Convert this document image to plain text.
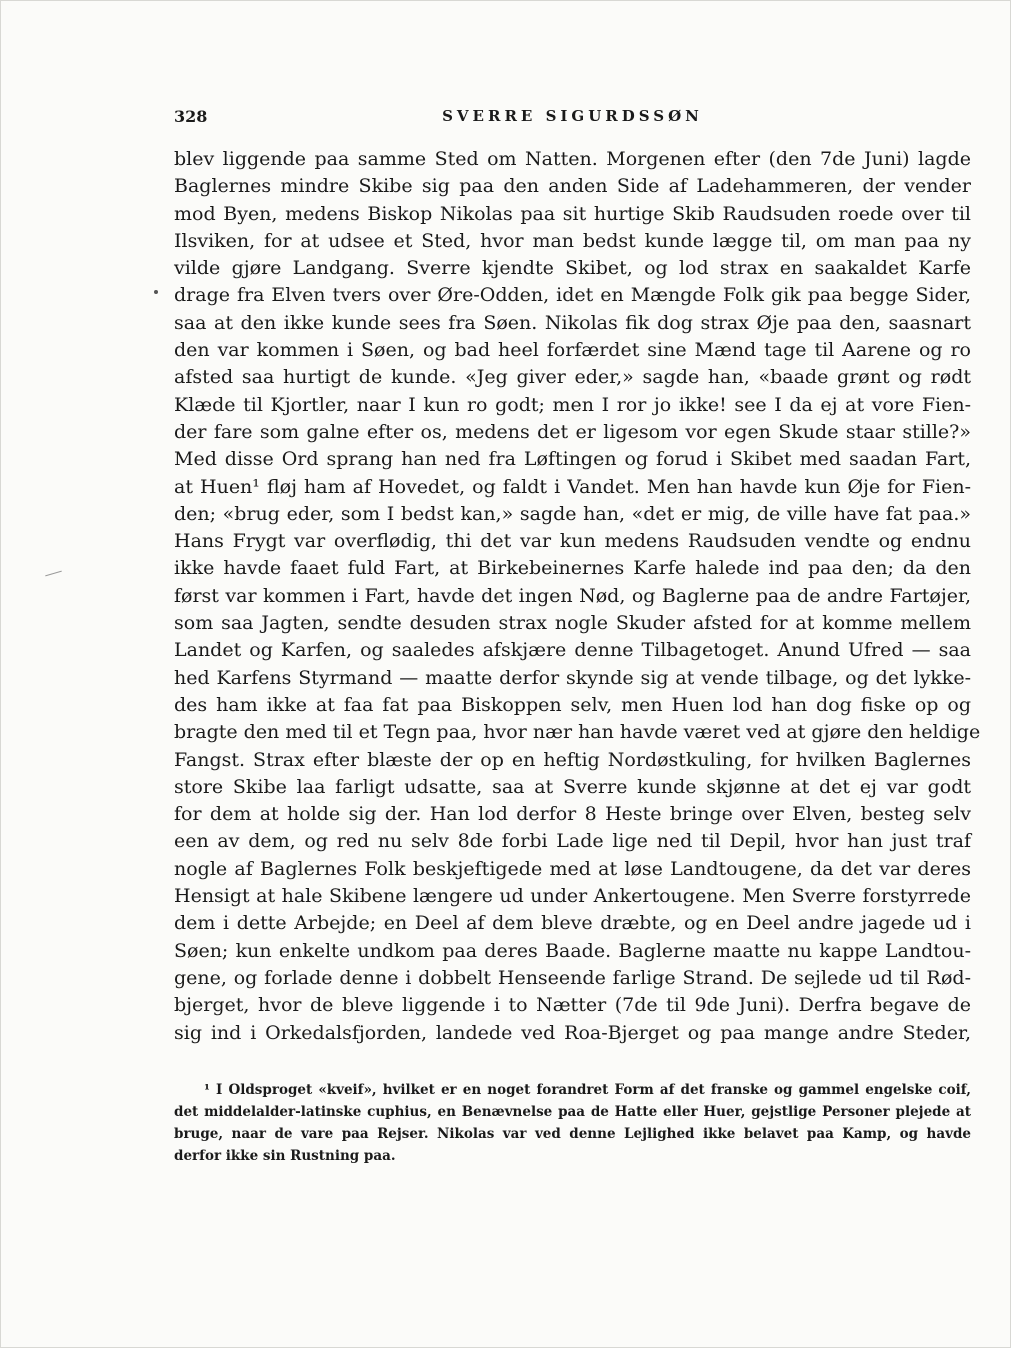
328	SVERRE SIGURDSSØN
blev liggende paa samme Sted om Natten. Morgenen efter (den 7de Juni) lagde
Baglernes mindre Skibe sig paa den anden Side af Ladehammeren, der vender
mod Byen, medens Biskop Nikolas paa sit hurtige Skib Raudsuden roede over til
Ilsviken, for at udsee et Sted, hvor man bedst kunde lægge til, om man paa ny
vilde gjøre Landgang. Sverre kjendte Skibet, og lod strax en saakaldet Karfe
drage fra Elven tvers over Øre-Odden, idet en Mængde Folk gik paa begge Sider,
saa at den ikke kunde sees fra Søen. Nikolas fik dog strax Øje paa den, saasnart
den var kommen i Søen, og bad heel forfærdet sine Mænd tage til Aarene og ro
afsted saa hurtigt de kunde. «Jeg giver eder,» sagde han, «baade grønt og rødt
Klæde til Kjortler, naar I kun ro godt; men I ror jo ikke! see I da ej at vore Fien-
der fare som galne efter os, medens det er ligesom vor egen Skude staar stille?»
Med disse Ord sprang han ned fra Løftingen og forud i Skibet med saadan Fart,
at Huen¹ fløj ham af Hovedet, og faldt i Vandet. Men han havde kun Øje for Fien-
den; «brug eder, som I bedst kan,» sagde han, «det er mig, de ville have fat paa.»
Hans Frygt var overflødig, thi det var kun medens Raudsuden vendte og endnu
ikke havde faaet fuld Fart, at Birkebeinernes Karfe halede ind paa den; da den
først var kommen i Fart, havde det ingen Nød, og Baglerne paa de andre Fartøjer,
som saa Jagten, sendte desuden strax nogle Skuder afsted for at komme mellem
Landet og Karfen, og saaledes afskjære denne Tilbagetoget. Anund Ufred — saa
hed Karfens Styrmand — maatte derfor skynde sig at vende tilbage, og det lykke-
des ham ikke at faa fat paa Biskoppen selv, men Huen lod han dog fiske op og
bragte den med til et Tegn paa, hvor nær han havde været ved at gjøre den heldige
Fangst. Strax efter blæste der op en heftig Nordøstkuling, for hvilken Baglernes
store Skibe laa farligt udsatte, saa at Sverre kunde skjønne at det ej var godt
for dem at holde sig der. Han lod derfor 8 Heste bringe over Elven, besteg selv
een av dem, og red nu selv 8de forbi Lade lige ned til Depil, hvor han just traf
nogle af Baglernes Folk beskjeftigede med at løse Landtougene, da det var deres
Hensigt at hale Skibene længere ud under Ankertougene. Men Sverre forstyrrede
dem i dette Arbejde; en Deel af dem bleve dræbte, og en Deel andre jagede ud i
Søen; kun enkelte undkom paa deres Baade. Baglerne maatte nu kappe Landtou-
gene, og forlade denne i dobbelt Henseende farlige Strand. De sejlede ud til Rød-
bjerget, hvor de bleve liggende i to Nætter (7de til 9de Juni). Derfra begave de
sig ind i Orkedalsfjorden, landede ved Roa-Bjerget og paa mange andre Steder,
¹ I Oldsproget «kveif», hvilket er en noget forandret Form af det franske og gammel engelske coif,
det middelalder-latinske cuphius, en Benævnelse paa de Hatte eller Huer, gejstlige Personer plejede at
bruge, naar de vare paa Rejser. Nikolas var ved denne Lejlighed ikke belavet paa Kamp, og havde
derfor ikke sin Rustning paa.
